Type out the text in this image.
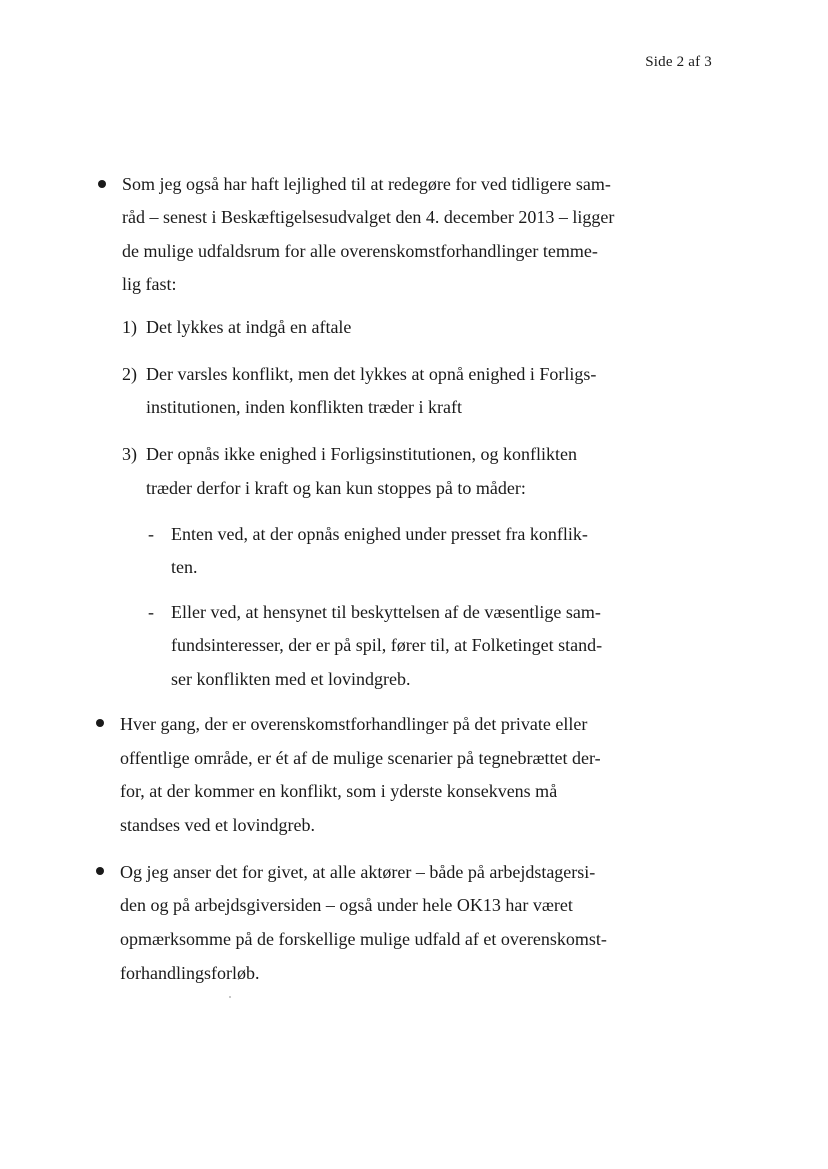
Side 2 af 3
Som jeg også har haft lejlighed til at redegøre for ved tidligere sam-
råd – senest i Beskæftigelsesudvalget den 4. december 2013 – ligger
de mulige udfaldsrum for alle overenskomstforhandlinger temme-
lig fast:
1) Det lykkes at indgå en aftale
2) Der varsles konflikt, men det lykkes at opnå enighed i Forligs-
institutionen, inden konflikten træder i kraft
3) Der opnås ikke enighed i Forligsinstitutionen, og konflikten
træder derfor i kraft og kan kun stoppes på to måder:
- Enten ved, at der opnås enighed under presset fra konflik-
ten.
- Eller ved, at hensynet til beskyttelsen af de væsentlige sam-
fundsinteresser, der er på spil, fører til, at Folketinget stand-
ser konflikten med et lovindgreb.
Hver gang, der er overenskomstforhandlinger på det private eller
offentlige område, er ét af de mulige scenarier på tegnebrættet der-
for, at der kommer en konflikt, som i yderste konsekvens må
standses ved et lovindgreb.
Og jeg anser det for givet, at alle aktører – både på arbejdstagersi-
den og på arbejdsgiversiden – også under hele OK13 har været
opmærksomme på de forskellige mulige udfald af et overenskomst-
forhandlingsforløb.
